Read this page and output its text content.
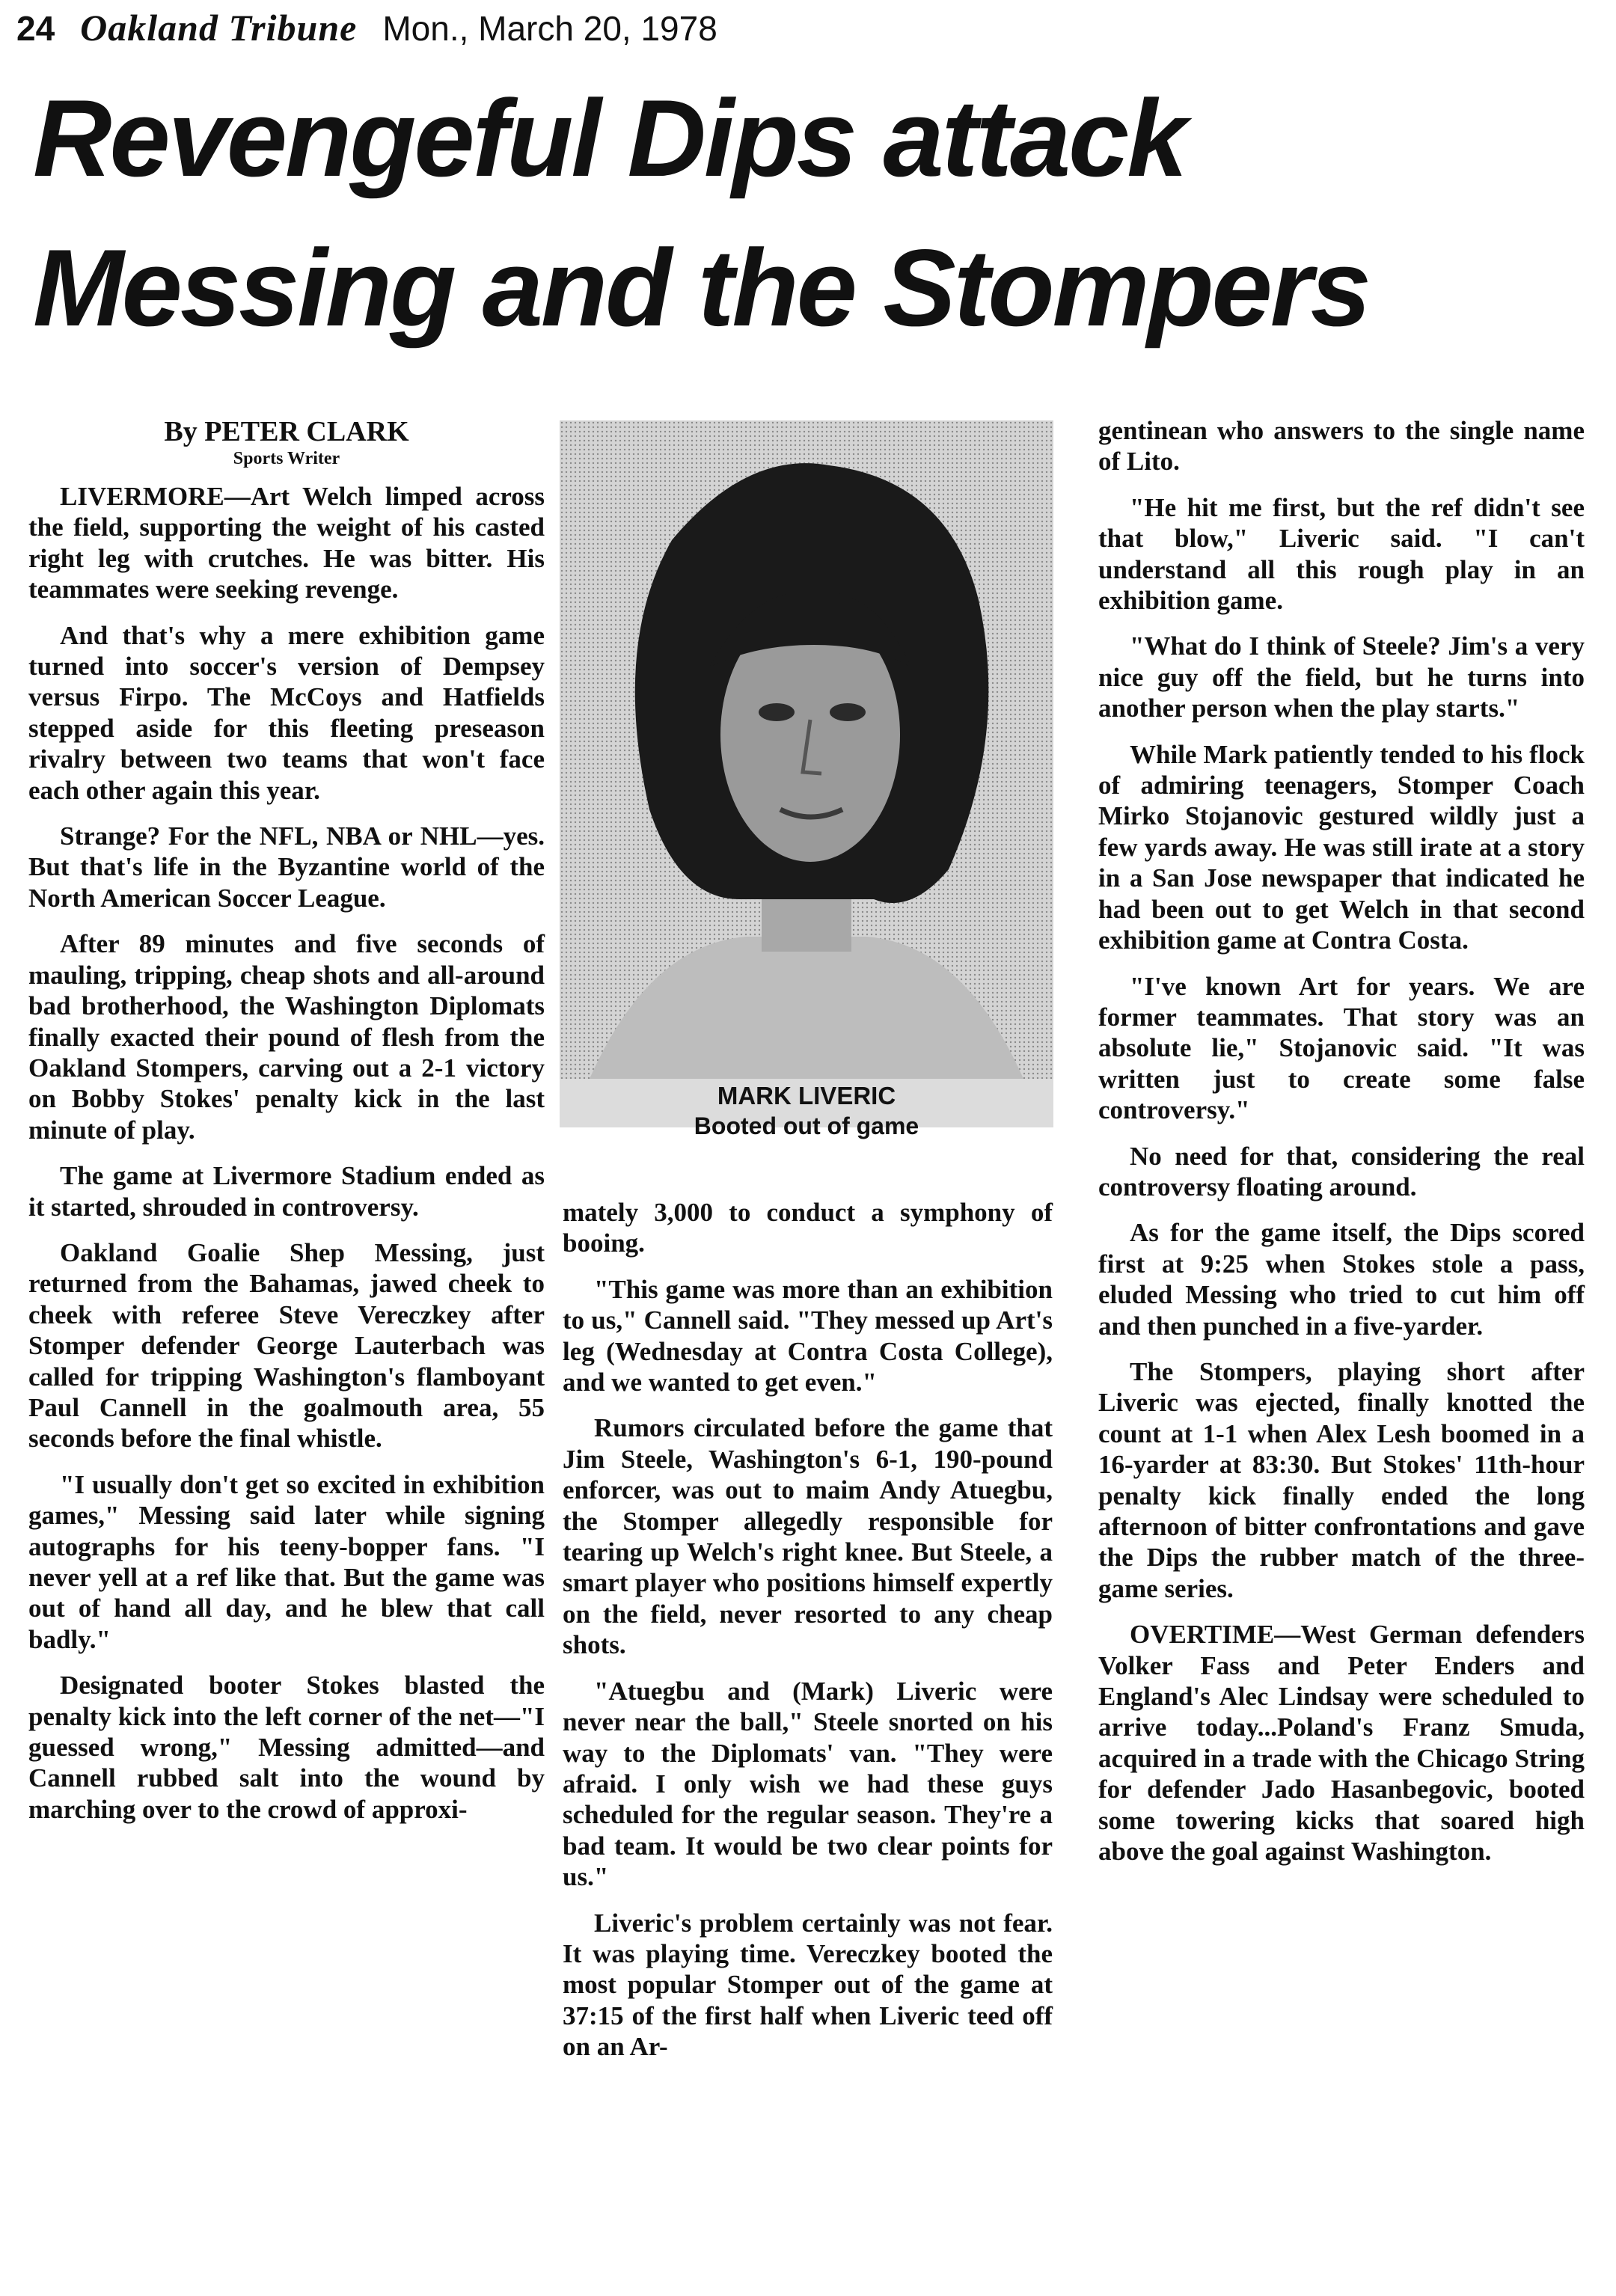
24 Oakland Tribune Mon., March 20, 1978
Revengeful Dips attack
Messing and the Stompers
By PETER CLARK
Sports Writer

LIVERMORE—Art Welch limped across the field, supporting the weight of his casted right leg with crutches. He was bitter. His teammates were seeking revenge.

And that's why a mere exhibition game turned into soccer's version of Dempsey versus Firpo. The McCoys and Hatfields stepped aside for this fleeting preseason rivalry between two teams that won't face each other again this year.

Strange? For the NFL, NBA or NHL—yes. But that's life in the Byzantine world of the North American Soccer League.

After 89 minutes and five seconds of mauling, tripping, cheap shots and all-around bad brotherhood, the Washington Diplomats finally exacted their pound of flesh from the Oakland Stompers, carving out a 2-1 victory on Bobby Stokes' penalty kick in the last minute of play.

The game at Livermore Stadium ended as it started, shrouded in controversy.

Oakland Goalie Shep Messing, just returned from the Bahamas, jawed cheek to cheek with referee Steve Vereczkey after Stomper defender George Lauterbach was called for tripping Washington's flamboyant Paul Cannell in the goalmouth area, 55 seconds before the final whistle.

"I usually don't get so excited in exhibition games," Messing said later while signing autographs for his teeny-bopper fans. "I never yell at a ref like that. But the game was out of hand all day, and he blew that call badly."

Designated booter Stokes blasted the penalty kick into the left corner of the net—"I guessed wrong," Messing admitted—and Cannell rubbed salt into the wound by marching over to the crowd of approxi-

MARK LIVERIC
Booted out of game

mately 3,000 to conduct a symphony of booing.

"This game was more than an exhibition to us," Cannell said. "They messed up Art's leg (Wednesday at Contra Costa College), and we wanted to get even."

Rumors circulated before the game that Jim Steele, Washington's 6-1, 190-pound enforcer, was out to maim Andy Atuegbu, the Stomper allegedly responsible for tearing up Welch's right knee. But Steele, a smart player who positions himself expertly on the field, never resorted to any cheap shots.

"Atuegbu and (Mark) Liveric were never near the ball," Steele snorted on his way to the Diplomats' van. "They were afraid. I only wish we had these guys scheduled for the regular season. They're a bad team. It would be two clear points for us."

Liveric's problem certainly was not fear. It was playing time. Vereczkey booted the most popular Stomper out of the game at 37:15 of the first half when Liveric teed off on an Ar-

gentinean who answers to the single name of Lito.

"He hit me first, but the ref didn't see that blow," Liveric said. "I can't understand all this rough play in an exhibition game.

"What do I think of Steele? Jim's a very nice guy off the field, but he turns into another person when the play starts."

While Mark patiently tended to his flock of admiring teenagers, Stomper Coach Mirko Stojanovic gestured wildly just a few yards away. He was still irate at a story in a San Jose newspaper that indicated he had been out to get Welch in that second exhibition game at Contra Costa.

"I've known Art for years. We are former teammates. That story was an absolute lie," Stojanovic said. "It was written just to create some false controversy."

No need for that, considering the real controversy floating around.

As for the game itself, the Dips scored first at 9:25 when Stokes stole a pass, eluded Messing who tried to cut him off and then punched in a five-yarder.

The Stompers, playing short after Liveric was ejected, finally knotted the count at 1-1 when Alex Lesh boomed in a 16-yarder at 83:30. But Stokes' 11th-hour penalty kick finally ended the long afternoon of bitter confrontations and gave the Dips the rubber match of the three-game series.

OVERTIME—West German defenders Volker Fass and Peter Enders and England's Alec Lindsay were scheduled to arrive today...Poland's Franz Smuda, acquired in a trade with the Chicago String for defender Jado Hasanbegovic, booted some towering kicks that soared high above the goal against Washington.
